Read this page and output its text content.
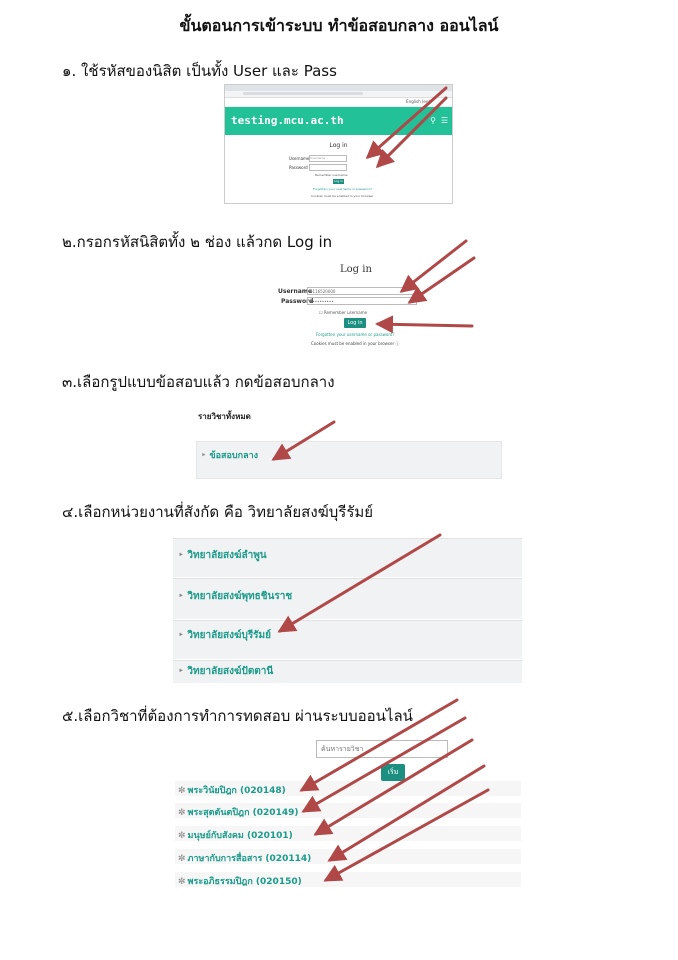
ขั้นตอนการเข้าระบบ ทำข้อสอบกลาง ออนไลน์
๑. ใช้รหัสของนิสิต เป็นทั้ง User และ Pass
English (en)
testing.mcu.ac.th	⚲ ☰
Log in
Username Username
Password
Remember username
Log in
Forgotten your username or password?
Cookies must be enabled in your browser
๒.กรอกรหัสนิสิตทั้ง ๒ ช่อง แล้วกด Log in
Log in
Username
6116520000
Password
••••••••••
☐ Remember username
Log in
Forgotten your username or password?
Cookies must be enabled in your browser ⓘ
๓.เลือกรูปแบบข้อสอบแล้ว กดข้อสอบกลาง
รายวิชาทั้งหมด
‣ ข้อสอบกลาง
๔.เลือกหน่วยงานที่สังกัด คือ วิทยาลัยสงฆ์บุรีรัมย์
‣ วิทยาลัยสงฆ์ลำพูน
‣ วิทยาลัยสงฆ์พุทธชินราช
‣ วิทยาลัยสงฆ์บุรีรัมย์
‣ วิทยาลัยสงฆ์ปัตตานี
๕.เลือกวิชาที่ต้องการทำการทดสอบ ผ่านระบบออนไลน์
ค้นหารายวิชา
เริ่ม
✼ พระวินัยปิฎก (020148)
✼ พระสุตตันตปิฎก (020149)
✼ มนุษย์กับสังคม (020101)
✼ ภาษากับการสื่อสาร (020114)
✼ พระอภิธรรมปิฎก (020150)
